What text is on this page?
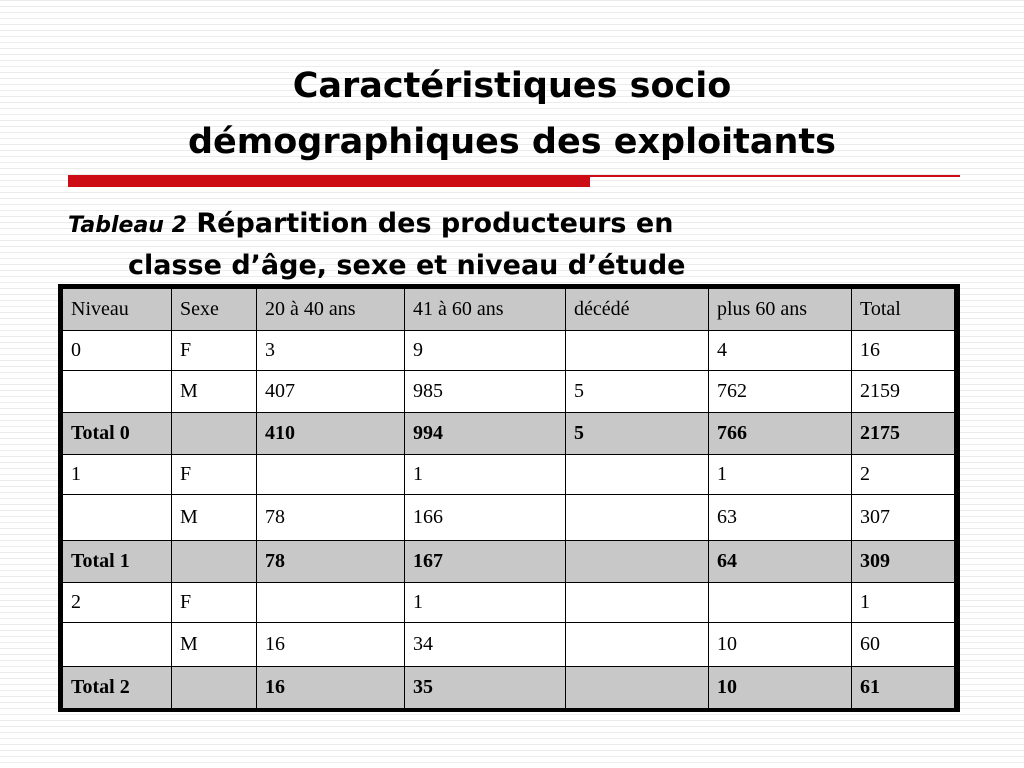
Caractéristiques socio
démographiques des exploitants
Tableau 2 Répartition des producteurs en
classe d’âge, sexe et niveau d’étude
Niveau	Sexe	20 à 40 ans	41 à 60 ans	décédé	plus 60 ans	Total
0	F	3	9		4	16
	M	407	985	5	762	2159
Total 0		410	994	5	766	2175
1	F		1		1	2
	M	78	166		63	307
Total 1		78	167		64	309
2	F		1			1
	M	16	34		10	60
Total 2		16	35		10	61
